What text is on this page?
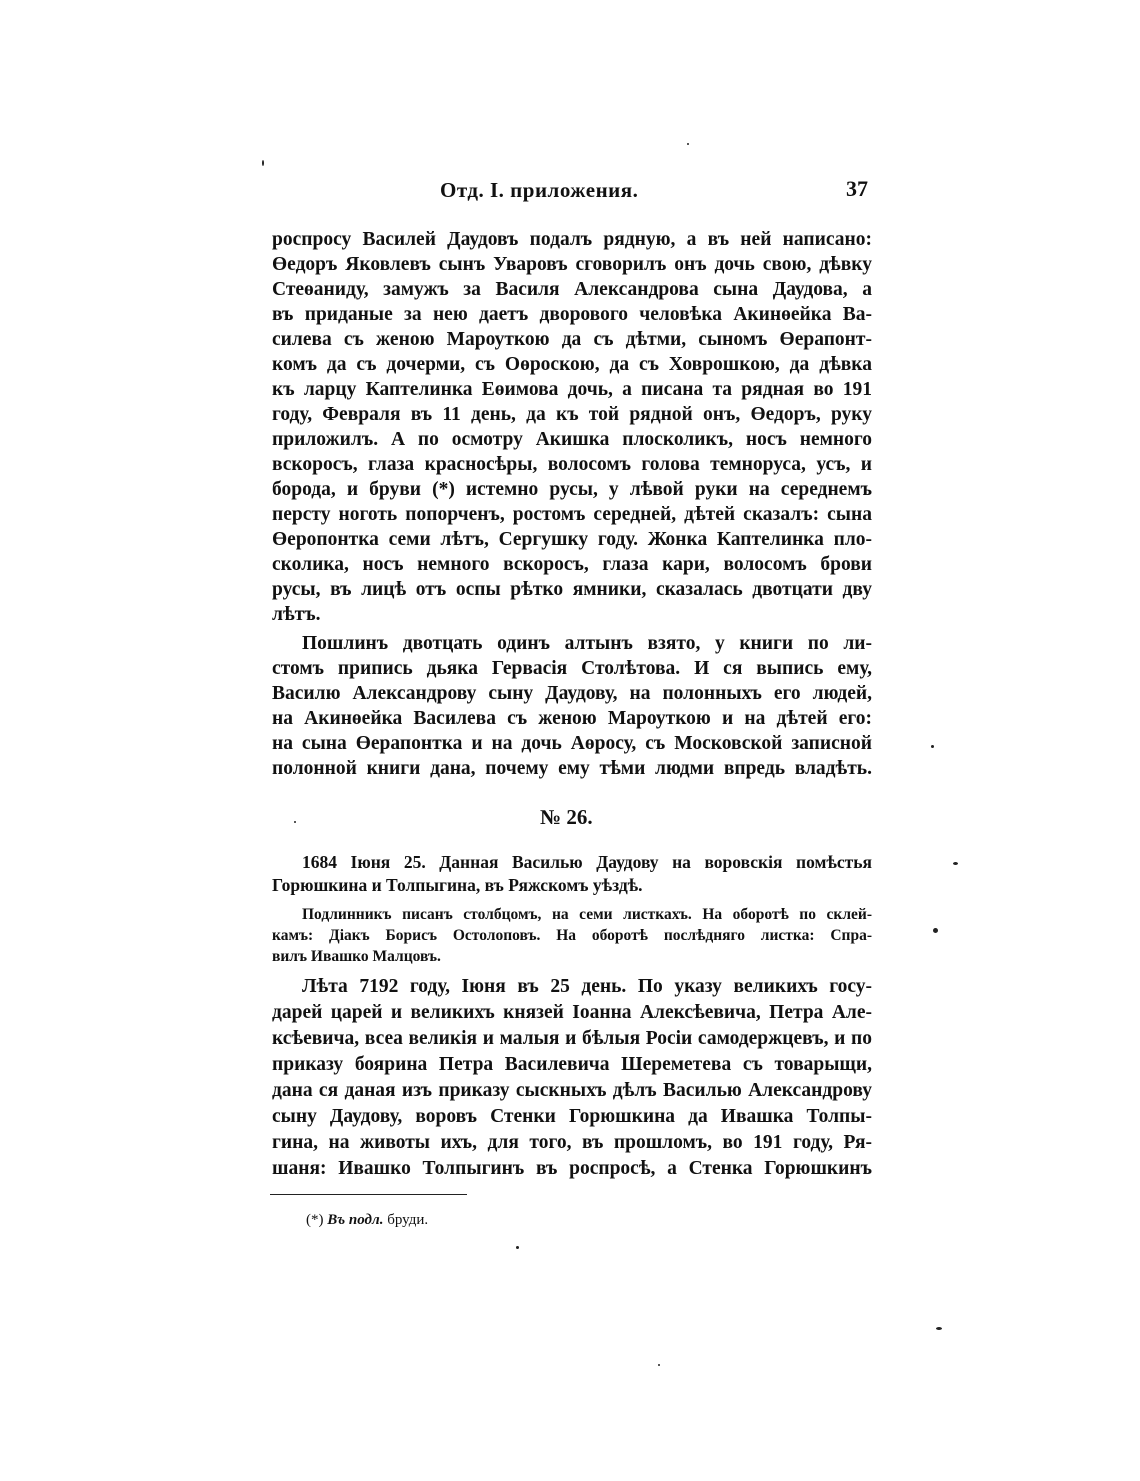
Отд. I. приложения.	37
роспросу Василей Даудовъ подалъ рядную, а въ ней написано:
Өедоръ Яковлевъ сынъ Уваровъ сговорилъ онъ дочь свою, дѣвку
Стеөаниду, замужъ за Василя Александрова сына Даудова, а
въ приданые за нею даетъ дворового человѣка Акинөейка Ва-
силева съ женою Мароуткою да съ дѣтми, сыномъ Өерапонт-
комъ да съ дочерми, съ Оөроскою, да съ Ховрошкою, да дѣвка
къ ларцу Каптелинка Еөимова дочь, а писана та рядная во 191
году, Февраля въ 11 день, да къ той рядной онъ, Өедоръ, руку
приложилъ. А по осмотру Акишка плосколикъ, носъ немного
вскоросъ, глаза красносѣры, волосомъ голова темноруса, усъ, и
борода, и бруви (*) истемно русы, у лѣвой руки на середнемъ
персту ноготь попорченъ, ростомъ середней, дѣтей сказалъ: сына
Өеропонтка семи лѣтъ, Сергушку году. Жонка Каптелинка пло-
сколика, носъ немного вскоросъ, глаза кари, волосомъ брови
русы, въ лицѣ отъ оспы рѣтко ямники, сказалась двотцати дву
лѣтъ.
Пошлинъ двотцать одинъ алтынъ взято, у книги по ли-
стомъ припись дьяка Гервасія Столѣтова. И ся выпись ему,
Василю Александрову сыну Даудову, на полонныхъ его людей,
на Акинөейка Василева съ женою Мароуткою и на дѣтей его:
на сына Өерапонтка и на дочь Аөросу, съ Московской записной
полонной книги дана, почему ему тѣми людми впредь владѣть.
№ 26.
1684 Іюня 25. Данная Василью Даудову на воровскія помѣстья
Горюшкина и Толпыгина, въ Ряжскомъ уѣздѣ.
Подлинникъ писанъ столбцомъ, на семи листкахъ. На оборотѣ по склей-
камъ: Діакъ Борисъ Остолоповъ. На оборотѣ послѣдняго листка: Спра-
вилъ Ивашко Малцовъ.
Лѣта 7192 году, Іюня въ 25 день. По указу великихъ госу-
дарей царей и великихъ князей Іоанна Алексѣевича, Петра Але-
ксѣевича, всеа великія и малыя и бѣлыя Росіи самодержцевъ, и по
приказу боярина Петра Василевича Шереметева съ товарыщи,
дана ся даная изъ приказу сыскныхъ дѣлъ Василью Александрову
сыну Даудову, воровъ Стенки Горюшкина да Ивашка Толпы-
гина, на животы ихъ, для того, въ прошломъ, во 191 году, Ря-
шаня: Ивашко Толпыгинъ въ роспросѣ, а Стенка Горюшкинъ
(*) Въ подл. бруди.
